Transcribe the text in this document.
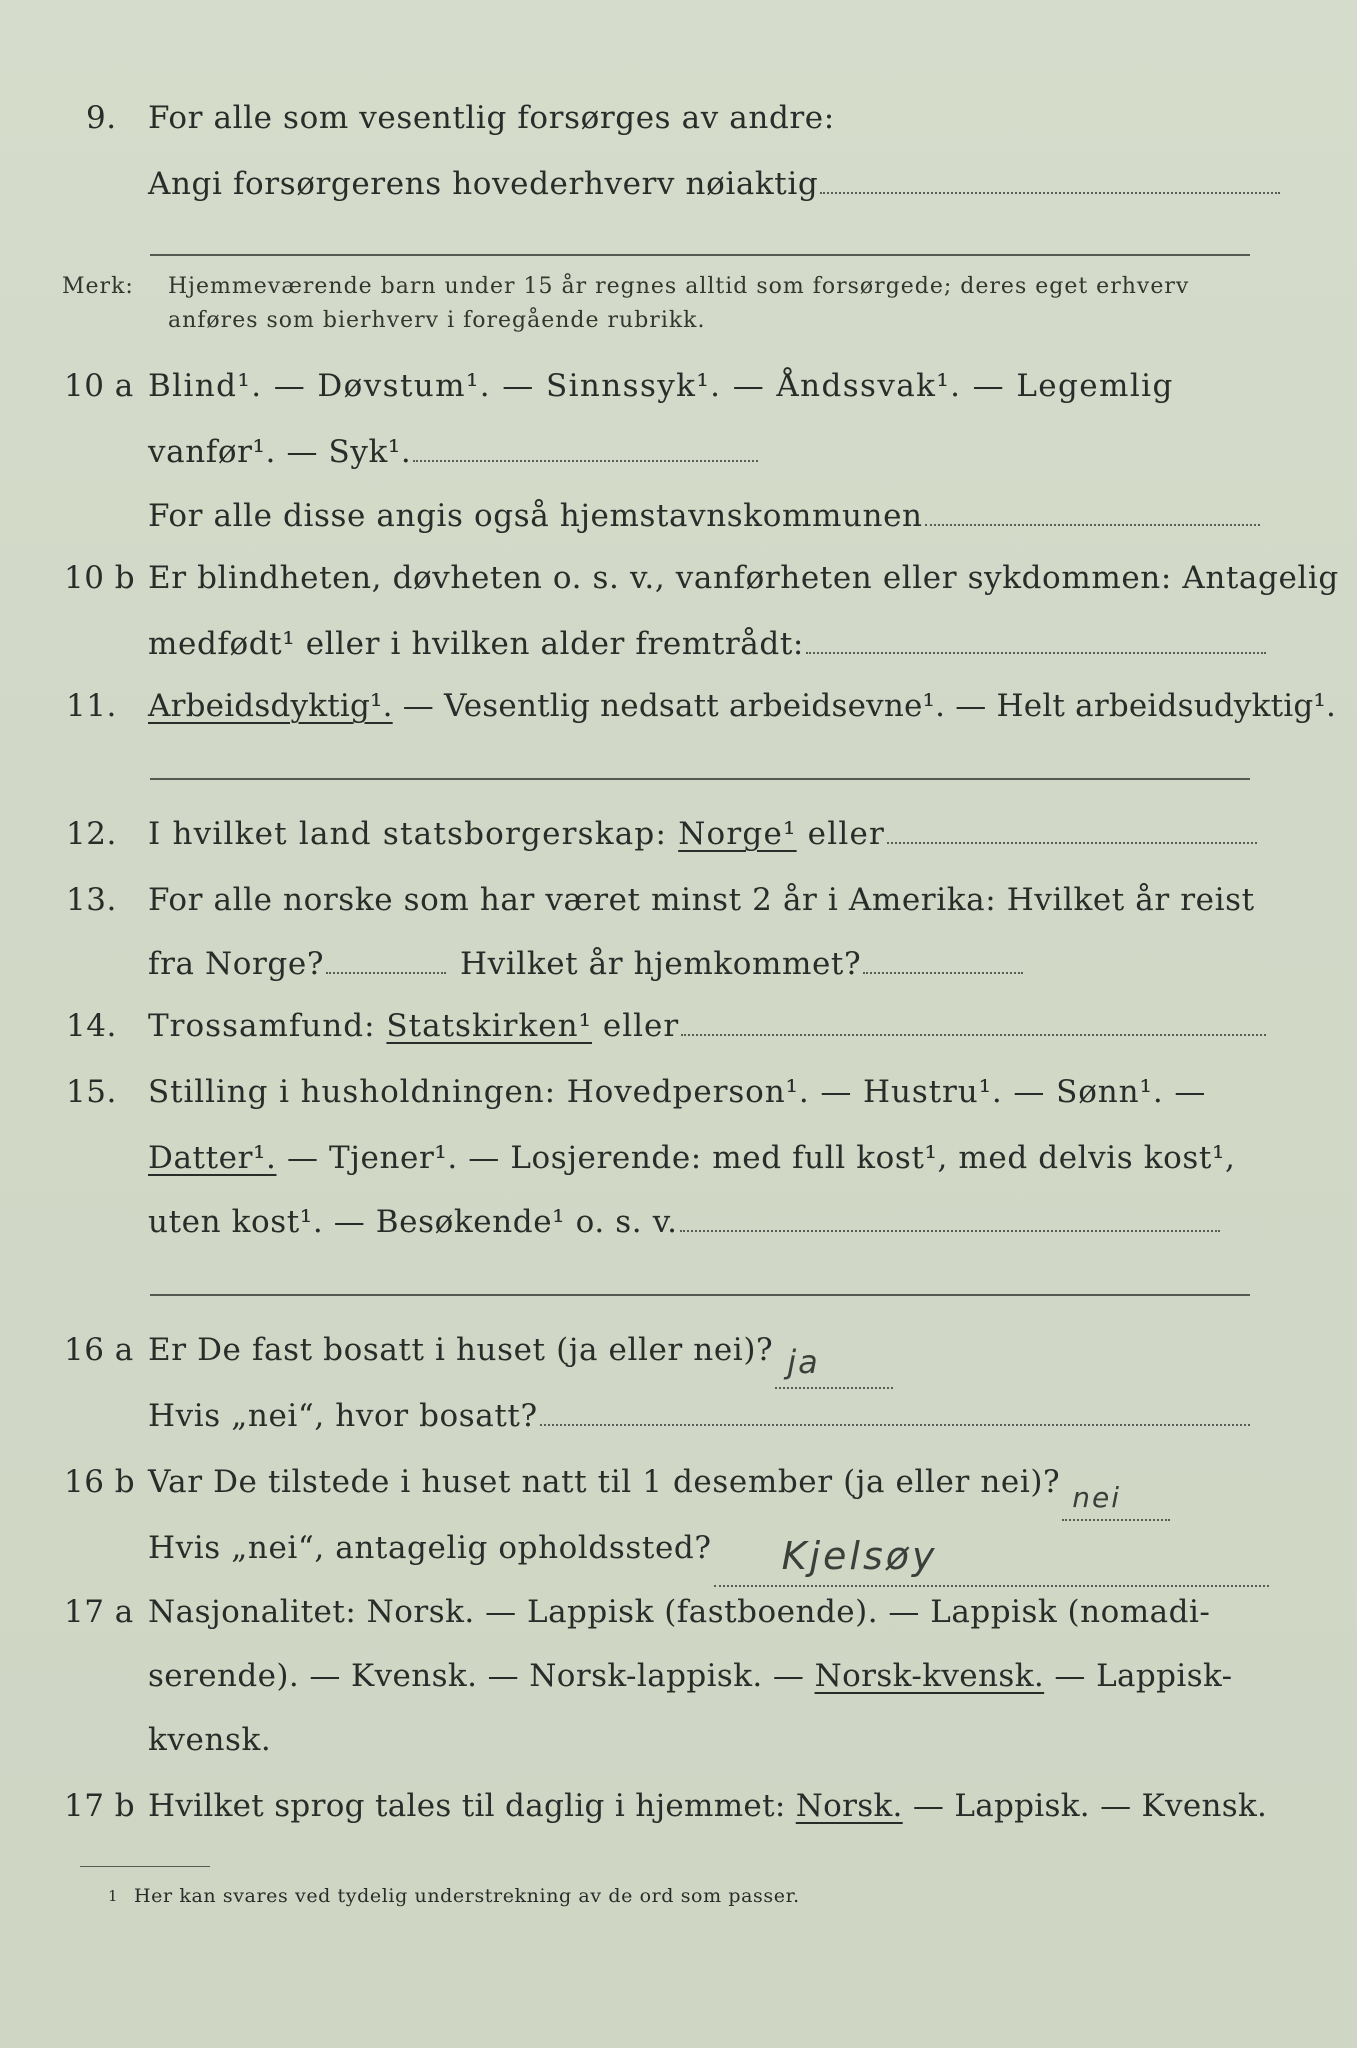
9. For alle som vesentlig forsørges av andre:
Angi forsørgerens hovederhverv nøiaktig
Merk: Hjemmeværende barn under 15 år regnes alltid som forsørgede; deres eget erhverv
anføres som bierhverv i foregående rubrikk.
10 a Blind¹. — Døvstum¹. — Sinnssyk¹. — Åndssvak¹. — Legemlig
vanfør¹. — Syk¹.
For alle disse angis også hjemstavnskommunen
10 b Er blindheten, døvheten o. s. v., vanførheten eller sykdommen: Antagelig
medfødt¹ eller i hvilken alder fremtrådt:
11. Arbeidsdyktig¹. — Vesentlig nedsatt arbeidsevne¹. — Helt arbeidsudyktig¹.
12. I hvilket land statsborgerskap: Norge¹ eller
13. For alle norske som har været minst 2 år i Amerika: Hvilket år reist
fra Norge?	Hvilket år hjemkommet?
14. Trossamfund: Statskirken¹ eller
15. Stilling i husholdningen: Hovedperson¹. — Hustru¹. — Sønn¹. —
Datter¹. — Tjener¹. — Losjerende: med full kost¹, med delvis kost¹,
uten kost¹. — Besøkende¹ o. s. v.
16 a Er De fast bosatt i huset (ja eller nei)? ja
Hvis „nei“, hvor bosatt?
16 b Var De tilstede i huset natt til 1 desember (ja eller nei)? nei
Hvis „nei“, antagelig opholdssted? Kjelsøy
17 a Nasjonalitet: Norsk. — Lappisk (fastboende). — Lappisk (nomadi-
serende). — Kvensk. — Norsk-lappisk. — Norsk-kvensk. — Lappisk-
kvensk.
17 b Hvilket sprog tales til daglig i hjemmet: Norsk. — Lappisk. — Kvensk.
1 Her kan svares ved tydelig understrekning av de ord som passer.
